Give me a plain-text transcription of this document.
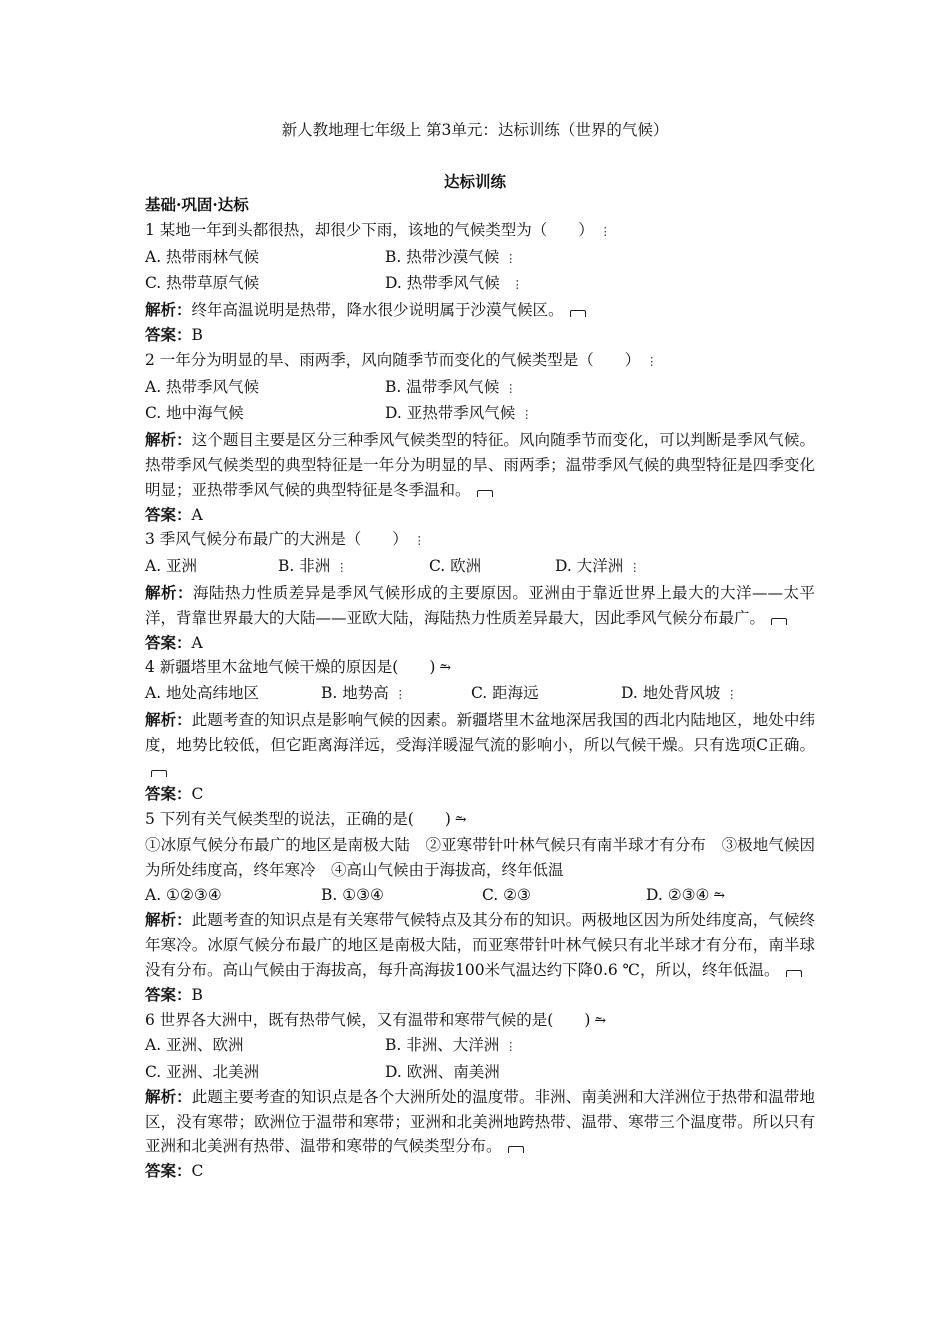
新人教地理七年级上 第3单元：达标训练（世界的气候）
达标训练
基础·巩固·达标
1 某地一年到头都很热，却很少下雨，该地的气候类型为（　　） ⋮
A. 热带雨林气候	B. 热带沙漠气候 ⋮
C. 热带草原气候	D. 热带季风气候 ⋮
解析：终年高温说明是热带，降水很少说明属于沙漠气候区。
答案：B
2 一年分为明显的旱、雨两季，风向随季节而变化的气候类型是（　　） ⋮
A. 热带季风气候	B. 温带季风气候 ⋮
C. 地中海气候	D. 亚热带季风气候 ⋮
解析：这个题目主要是区分三种季风气候类型的特征。风向随季节而变化，可以判断是季风气候。热带季风气候类型的典型特征是一年分为明显的旱、雨两季；温带季风气候的典型特征是四季变化明显；亚热带季风气候的典型特征是冬季温和。
答案：A
3 季风气候分布最广的大洲是（　　） ⋮
A. 亚洲	B. 非洲 ⋮	C. 欧洲	D. 大洋洲 ⋮
解析：海陆热力性质差异是季风气候形成的主要原因。亚洲由于靠近世界上最大的大洋——太平洋，背靠世界最大的大陆——亚欧大陆，海陆热力性质差异最大，因此季风气候分布最广。
答案：A
4 新疆塔里木盆地气候干燥的原因是(　　) ⥲
A. 地处高纬地区	B. 地势高 ⋮	C. 距海远	D. 地处背风坡 ⋮
解析：此题考查的知识点是影响气候的因素。新疆塔里木盆地深居我国的西北内陆地区，地处中纬度，地势比较低，但它距离海洋远，受海洋暖湿气流的影响小，所以气候干燥。只有选项C正确。
答案：C
5 下列有关气候类型的说法，正确的是(　　) ⥲
①冰原气候分布最广的地区是南极大陆　②亚寒带针叶林气候只有南半球才有分布　③极地气候因为所处纬度高，终年寒冷　④高山气候由于海拔高，终年低温
A. ①②③④	B. ①③④	C. ②③	D. ②③④ ⥲
解析：此题考查的知识点是有关寒带气候特点及其分布的知识。两极地区因为所处纬度高，气候终年寒冷。冰原气候分布最广的地区是南极大陆，而亚寒带针叶林气候只有北半球才有分布，南半球没有分布。高山气候由于海拔高，每升高海拔100米气温达约下降0.6 ℃，所以，终年低温。
答案：B
6 世界各大洲中，既有热带气候，又有温带和寒带气候的是(　　) ⥲
A. 亚洲、欧洲	B. 非洲、大洋洲 ⋮
C. 亚洲、北美洲	D. 欧洲、南美洲
解析：此题主要考查的知识点是各个大洲所处的温度带。非洲、南美洲和大洋洲位于热带和温带地区，没有寒带；欧洲位于温带和寒带；亚洲和北美洲地跨热带、温带、寒带三个温度带。所以只有亚洲和北美洲有热带、温带和寒带的气候类型分布。
答案：C
